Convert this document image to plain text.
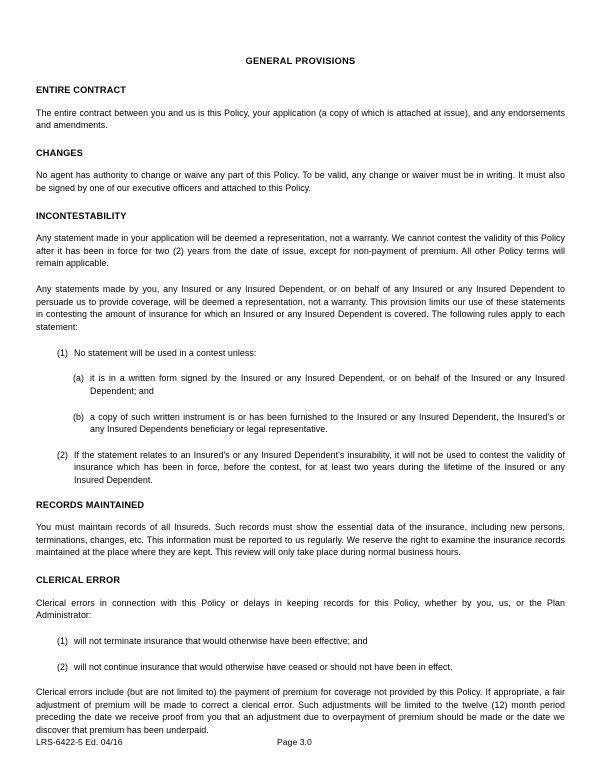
GENERAL PROVISIONS
ENTIRE CONTRACT

The entire contract between you and us is this Policy, your application (a copy of which is attached at issue), and any endorsements and amendments.

CHANGES

No agent has authority to change or waive any part of this Policy. To be valid, any change or waiver must be in writing. It must also be signed by one of our executive officers and attached to this Policy.

INCONTESTABILITY

Any statement made in your application will be deemed a representation, not a warranty. We cannot contest the validity of this Policy after it has been in force for two (2) years from the date of issue, except for non-payment of premium. All other Policy terms will remain applicable.

Any statements made by you, any Insured or any Insured Dependent, or on behalf of any Insured or any Insured Dependent to persuade us to provide coverage, will be deemed a representation, not a warranty. This provision limits our use of these statements in contesting the amount of insurance for which an Insured or any Insured Dependent is covered. The following rules apply to each statement:

(1) No statement will be used in a contest unless:
(a) it is in a written form signed by the Insured or any Insured Dependent, or on behalf of the Insured or any Insured Dependent; and
(b) a copy of such written instrument is or has been furnished to the Insured or any Insured Dependent, the Insured's or any Insured Dependents beneficiary or legal representative.
(2) If the statement relates to an Insured's or any Insured Dependent's insurability, it will not be used to contest the validity of insurance which has been in force, before the contest, for at least two years during the lifetime of the Insured or any Insured Dependent.
RECORDS MAINTAINED

You must maintain records of all Insureds. Such records must show the essential data of the insurance, including new persons, terminations, changes, etc. This information must be reported to us regularly. We reserve the right to examine the insurance records maintained at the place where they are kept. This review will only take place during normal business hours.

CLERICAL ERROR

Clerical errors in connection with this Policy or delays in keeping records for this Policy, whether by you, us, or the Plan Administrator:

(1) will not terminate insurance that would otherwise have been effective; and
(2) will not continue insurance that would otherwise have ceased or should not have been in effect.

Clerical errors include (but are not limited to) the payment of premium for coverage not provided by this Policy. If appropriate, a fair adjustment of premium will be made to correct a clerical error. Such adjustments will be limited to the twelve (12) month period preceding the date we receive proof from you that an adjustment due to overpayment of premium should be made or the date we discover that premium has been underpaid.

LRS-6422-5 Ed. 04/16	Page 3.0
